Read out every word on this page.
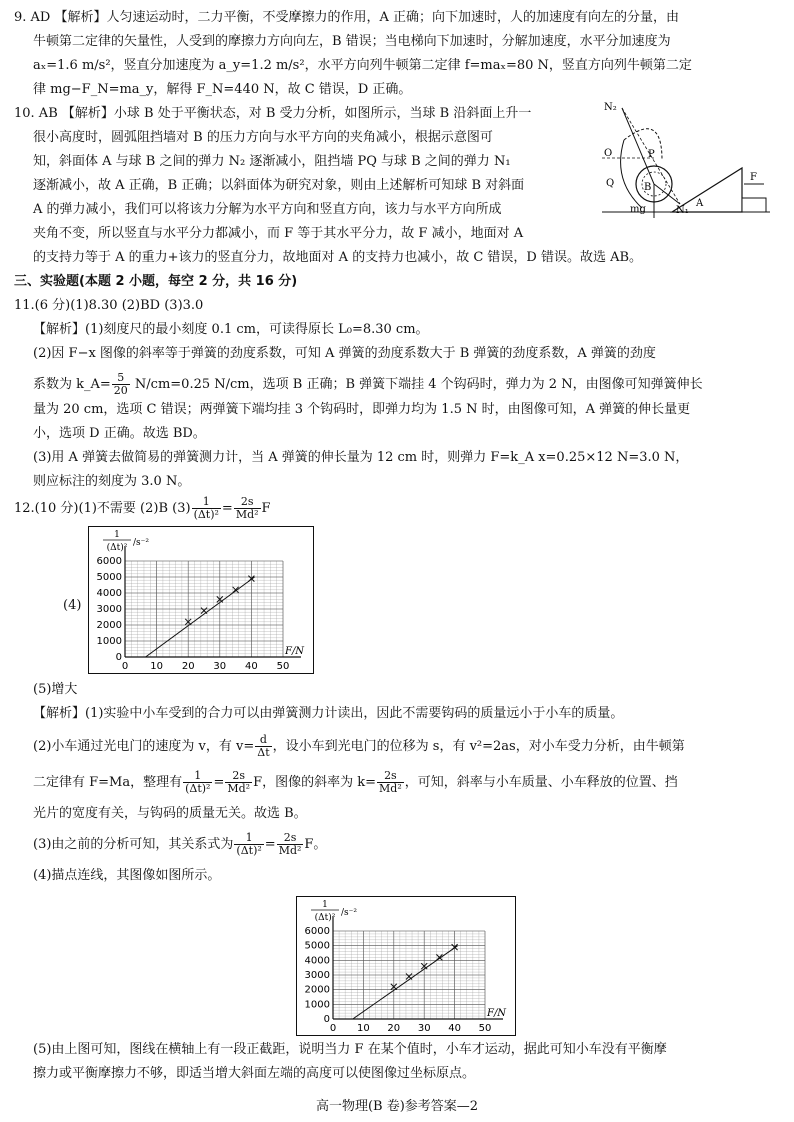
9. AD 【解析】人匀速运动时，二力平衡，不受摩擦力的作用，A 正确；向下加速时，人的加速度有向左的分量，由
牛顿第二定律的矢量性，人受到的摩擦力方向向左，B 错误；当电梯向下加速时，分解加速度，水平分加速度为
aₓ=1.6 m/s²，竖直分加速度为 a_y=1.2 m/s²，水平方向列牛顿第二定律 f=maₓ=80 N，竖直方向列牛顿第二定
律 mg−F_N=ma_y，解得 F_N=440 N，故 C 错误，D 正确。
10. AB 【解析】小球 B 处于平衡状态，对 B 受力分析，如图所示，当球 B 沿斜面上升一
很小高度时，圆弧阻挡墙对 B 的压力方向与水平方向的夹角减小，根据示意图可
知，斜面体 A 与球 B 之间的弹力 N₂ 逐渐减小，阻挡墙 PQ 与球 B 之间的弹力 N₁
逐渐减小，故 A 正确，B 正确；以斜面体为研究对象，则由上述解析可知球 B 对斜面
A 的弹力减小，我们可以将该力分解为水平方向和竖直方向，该力与水平方向所成
夹角不变，所以竖直与水平分力都减小，而 F 等于其水平分力，故 F 减小，地面对 A
的支持力等于 A 的重力+该力的竖直分力，故地面对 A 的支持力也减小，故 C 错误，D 错误。故选 AB。
N₂
O	P
B
Q
mg	N₁
A
F
三、实验题(本题 2 小题，每空 2 分，共 16 分)
11.(6 分)(1)8.30 (2)BD (3)3.0
【解析】(1)刻度尺的最小刻度 0.1 cm，可读得原长 L₀=8.30 cm。
(2)因 F−x 图像的斜率等于弹簧的劲度系数，可知 A 弹簧的劲度系数大于 B 弹簧的劲度系数，A 弹簧的劲度
系数为 k_A= $\frac{5}{20} N/cm=0.25$ N/cm，选项 B 正确；B 弹簧下端挂 4 个钩码时，弹力为 2 N，由图像可知弹簧伸长
量为 20 cm，选项 C 错误；两弹簧下端均挂 3 个钩码时，即弹力均为 1.5 N 时，由图像可知，A 弹簧的伸长量更
小，选项 D 正确。故选 BD。
(3)用 A 弹簧去做简易的弹簧测力计，当 A 弹簧的伸长量为 12 cm 时，则弹力 F=k_A x=0.25×12 N=3.0 N，
则应标注的刻度为 3.0 N。
12.(10 分)(1)不需要 (2)B $(3) \frac{1}{\text{(Δt)²}} = \frac{2s}{\text{Md²}}$ F
(4)
0 10 20 30 40 50
0
1000
2000
3000
4000
5000
6000
F/N
1
(Δt)² /s⁻²
(5)增大
【解析】(1)实验中小车受到的合力可以由弹簧测力计读出，因此不需要钩码的质量远小于小车的质量。
(2)小车通过光电门的速度为 v，有 $v= \frac{d}{\Delta t}$ ，设小车到光电门的位移为 s，有 v²=2as，对小车受力分析，由牛顿第
二定律有 F=Ma，整理有 $\frac{1}{\text{(Δt)²}} = \frac{2s}{\text{Md²}}$ F，图像的斜率为 $k= \frac{2s}{\text{Md²}}$ ，可知，斜率与小车质量、小车释放的位置、挡
光片的宽度有关，与钩码的质量无关。故选 B。
(3)由之前的分析可知，其关系式为 $\frac{1}{\text{(Δt)²}} = \frac{2s}{\text{Md²}}$ F。
(4)描点连线，其图像如图所示。
0 10 20 30 40 50
0
1000
2000
3000
4000
5000
6000
F/N
1
(Δt)² /s⁻²
(5)由上图可知，图线在横轴上有一段正截距，说明当力 F 在某个值时，小车才运动，据此可知小车没有平衡摩
擦力或平衡摩擦力不够，即适当增大斜面左端的高度可以使图像过坐标原点。
高一物理(B 卷)参考答案—2
